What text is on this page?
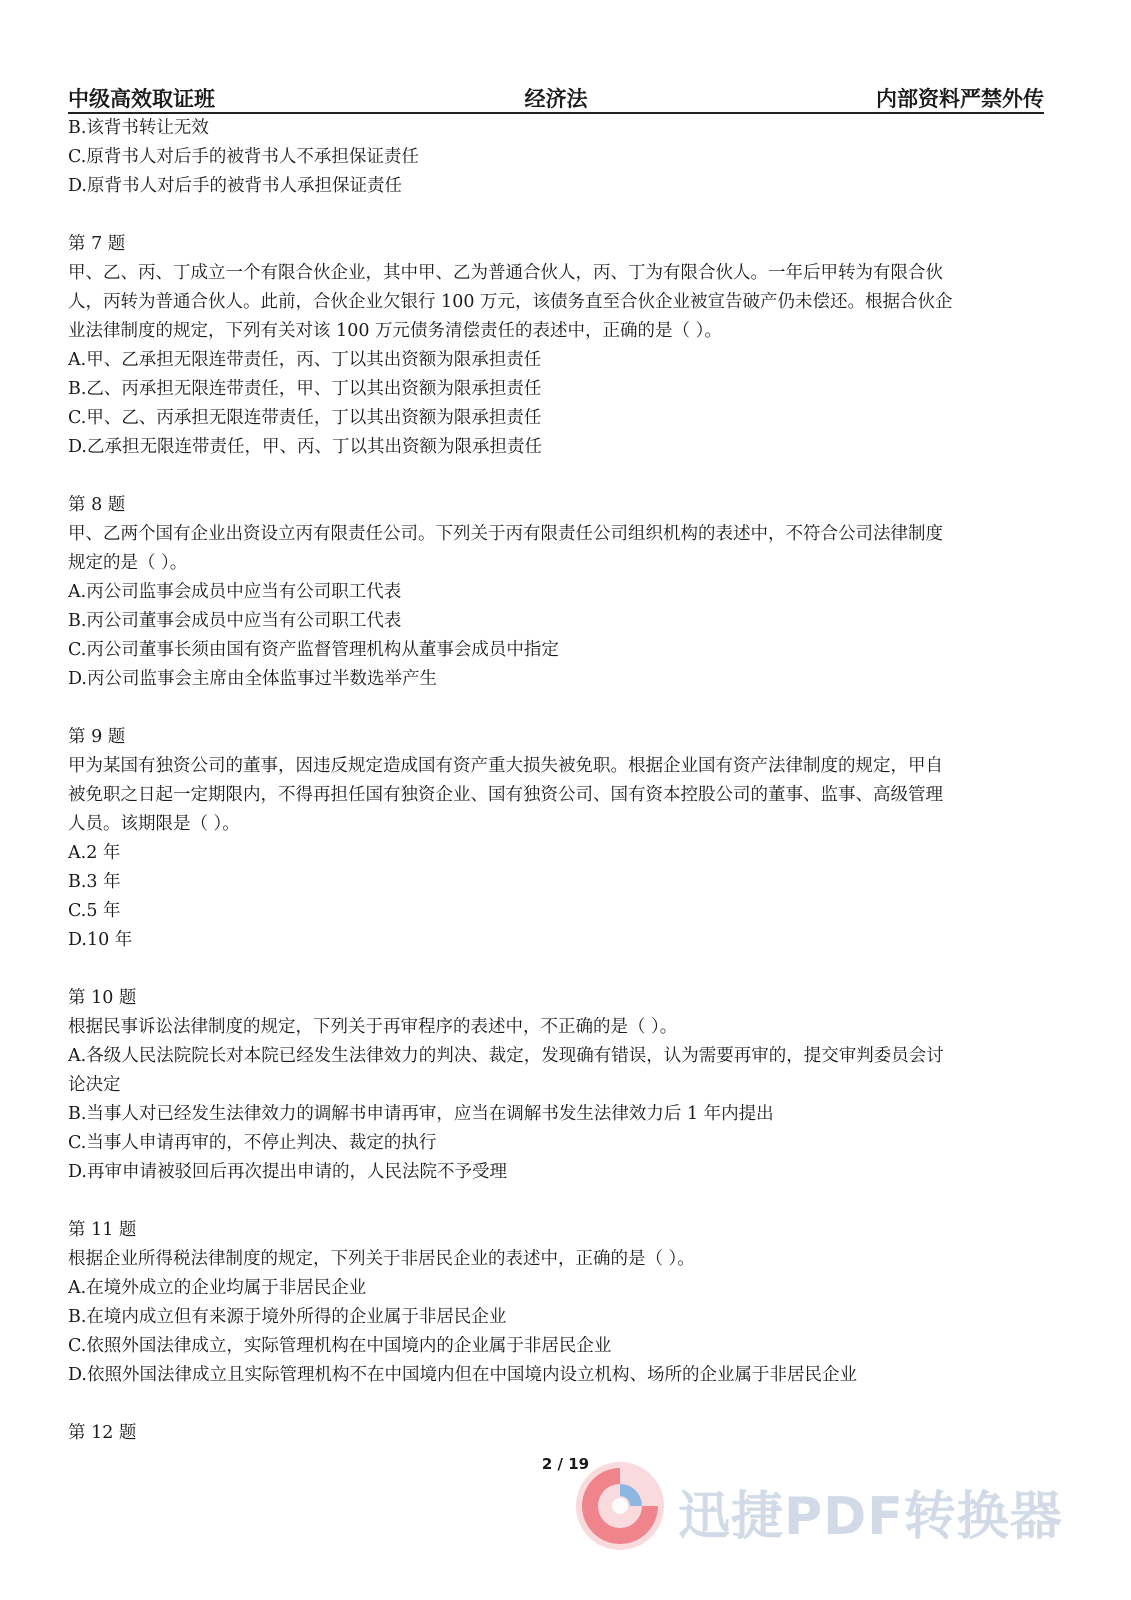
经济法
中级高效取证班	内部资料严禁外传
B.该背书转让无效
C.原背书人对后手的被背书人不承担保证责任
D.原背书人对后手的被背书人承担保证责任
第 7 题
甲、乙、丙、丁成立一个有限合伙企业，其中甲、乙为普通合伙人，丙、丁为有限合伙人。一年后甲转为有限合伙
人，丙转为普通合伙人。此前，合伙企业欠银行 100 万元，该债务直至合伙企业被宣告破产仍未偿还。根据合伙企
业法律制度的规定，下列有关对该 100 万元债务清偿责任的表述中，正确的是（ ）。
A.甲、乙承担无限连带责任，丙、丁以其出资额为限承担责任
B.乙、丙承担无限连带责任，甲、丁以其出资额为限承担责任
C.甲、乙、丙承担无限连带责任，丁以其出资额为限承担责任
D.乙承担无限连带责任，甲、丙、丁以其出资额为限承担责任
第 8 题
甲、乙两个国有企业出资设立丙有限责任公司。下列关于丙有限责任公司组织机构的表述中，不符合公司法律制度
规定的是（ ）。
A.丙公司监事会成员中应当有公司职工代表
B.丙公司董事会成员中应当有公司职工代表
C.丙公司董事长须由国有资产监督管理机构从董事会成员中指定
D.丙公司监事会主席由全体监事过半数选举产生
第 9 题
甲为某国有独资公司的董事，因违反规定造成国有资产重大损失被免职。根据企业国有资产法律制度的规定，甲自
被免职之日起一定期限内，不得再担任国有独资企业、国有独资公司、国有资本控股公司的董事、监事、高级管理
人员。该期限是（ ）。
A.2 年
B.3 年
C.5 年
D.10 年
第 10 题
根据民事诉讼法律制度的规定，下列关于再审程序的表述中，不正确的是（ ）。
A.各级人民法院院长对本院已经发生法律效力的判决、裁定，发现确有错误，认为需要再审的，提交审判委员会讨
论决定
B.当事人对已经发生法律效力的调解书申请再审，应当在调解书发生法律效力后 1 年内提出
C.当事人申请再审的，不停止判决、裁定的执行
D.再审申请被驳回后再次提出申请的，人民法院不予受理
第 11 题
根据企业所得税法律制度的规定，下列关于非居民企业的表述中，正确的是（ ）。
A.在境外成立的企业均属于非居民企业
B.在境内成立但有来源于境外所得的企业属于非居民企业
C.依照外国法律成立，实际管理机构在中国境内的企业属于非居民企业
D.依照外国法律成立且实际管理机构不在中国境内但在中国境内设立机构、场所的企业属于非居民企业
第 12 题
2 / 19
迅捷PDF转换器
